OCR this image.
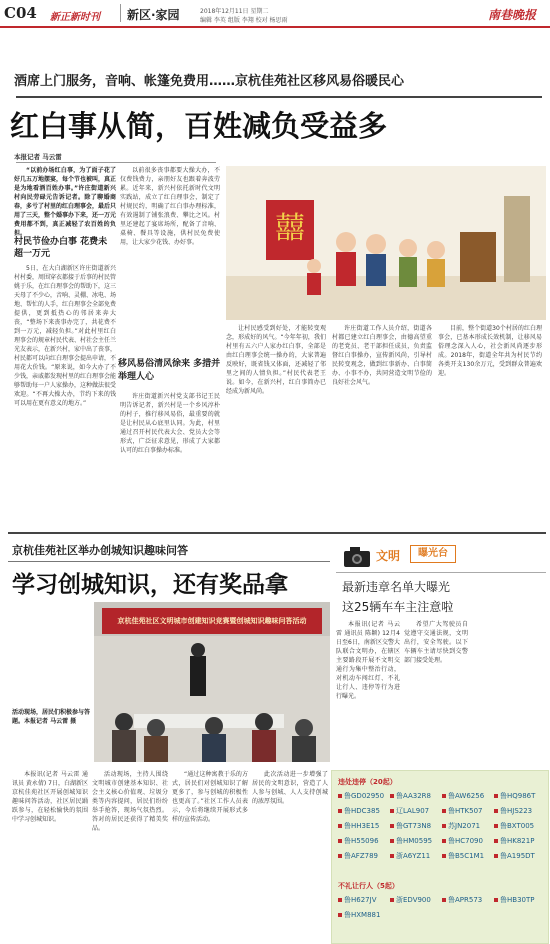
C04 新正新时刊 新区·家园	2018年12月11日 星期二
编辑 李英 组版 李翔 校对 杨思雨	南巷晚报
酒席上门服务，音响、帐篷免费用……京杭佳苑社区移风易俗暖民心
红白事从简，百姓减负受益多
本报记者 马云雷

“以前办场红白事，为了面子花了好几五万地摆宴，每个节也被叫，真正是为地看酒百姓办事。”许庄街道新兴村向民劳碌元告诉记者。除了聊婚商春，多亏了村里的红白理事会，最后只用了三天，整个婚事办下来，还一万元费用都不到，真正减轻了农百姓的负担。

村民节俭办白事 花费未超一万元

5日，在大白湖新区许庄街道新兴村村委，周围穿衣都接于后事的村民管姚于乐，在红白理事会的帮助下，这三天母了不少心，音响、灵棚、冰电、场地、帮忙的人手，红白理事会全部免费提供，更到抵热心的邻居来奔大丧，“整场下来丧事办完了，共花费不到一万元，减轻负担。”对此村里红白理事会的规章村民代表、村社会主任兰光友表示，在新兴村，家中出了丧事，村民都可以向红白理事会提出申请，不用花大价钱。“原来说，如今大办了不少钱，亲戚都发现村里的红白理事会能够帮助每一户人家操办，这种做法很受欢迎。“不再大操大办，节约下来的钱可以用在更有意义的地方。”

以前很多丧事都要大操大办，不仅费钱费力，亲朋好友也跟着奔波劳累。近年来，新兴村依托新时代文明实践站，成立了红白理事会，制定了村规民约，明确了红白事办理标准，有效遏制了铺张浪费、攀比之风。村里还建起了宴席场所，配备了音响、桌椅、餐具等设施，供村民免费使用，让大家少花钱、办好事。

移风易俗清风徐来 多措并举理人心

许庄街道新兴村党支部书记王民明告诉记者，新兴村是一个乡风淳朴的村子，推行移风易俗，最重要的就是让村民从心底里认同。为此，村里通过召开村民代表大会、党员大会等形式，广泛征求意见，形成了大家都认可的红白事操办标准。

囍

让村民感受到好处，才能转变观念，形成好的风气。“今年年初，我们村里有五六户人家办红白事，全部是由红白理事会统一操办的，大家普遍反映好，既省钱又体面，还减轻了邻里之间的人情负担。”村民代表老王说。如今，在新兴村，红白事简办已经成为新风尚。

许庄街道工作人员介绍，街道各村都已建立红白理事会，由德高望重的老党员、老干部担任成员，负责监督红白事操办，宣传新风尚，引导村民转变观念，做到红事新办、白事简办、小事不办，共同营造文明节俭的良好社会风气。

目前，整个街道30个村居的红白理事会，已基本形成长效机制，让移风易俗理念深入人心，社会新风尚逐步形成。2018年，街道全年共为村民节约各类开支130余万元，受到群众普遍欢迎。

京杭佳苑社区举办创城知识趣味问答
学习创城知识，还有奖品拿
京杭佳苑社区文明城市创建知识竞赛暨创城知识趣味问答活动

活动现场，居民们积极参与答题。本报记者 马云雷 摄

本报讯(记者 马云雷 通讯员 黄永倩) 7日，白湖新区京杭佳苑社区开展创城知识趣味问答活动，社区居民踊跃参与，在轻松愉快的氛围中学习创城知识。

活动现场，主持人围绕文明城市创建基本知识、社会主义核心价值观、垃圾分类等内容提问，居民们纷纷举手抢答，现场气氛热烈。答对的居民还获得了精美奖品。

“通过这种寓教于乐的方式，居民们对创城知识了解更多了，参与创城的积极性也更高了。”社区工作人员表示，今后将继续开展形式多样的宣传活动。

此次活动进一步增强了居民的文明意识，营造了人人参与创城、人人支持创城的浓厚氛围。

文明	曝光台
最新违章名单大曝光
这25辆车车主注意啦

本报讯(记者 马云雷 通讯员 陈颖) 12月4日至6日，南新区交警大队联合文明办，在辖区主要路段开展不文明交通行为集中整治行动，对机动车闯红灯、不礼让行人、违停等行为进行曝光。

希望广大驾驶员自觉遵守交通法规，文明出行，安全驾驶。以下车辆车主请尽快到交警部门接受处理。

违处违停（20起）
鲁GD02950	鲁AA32R8	鲁AW6256	鲁HQ986T
鲁HDC385	辽LAL907	鲁HTK507	鲁HJS223
鲁HH3E15	鲁GT73N8	苏JN2071	鲁BXT005
鲁H55096	鲁HM0595	鲁HC7090	鲁HK821P
鲁AFZ789	浙A6YZ11	鲁B5C1M1	鲁A195DT
不礼让行人（5起）
鲁H627JV	浙EDV900	鲁APR573	鲁HB30TP
鲁HXM881
